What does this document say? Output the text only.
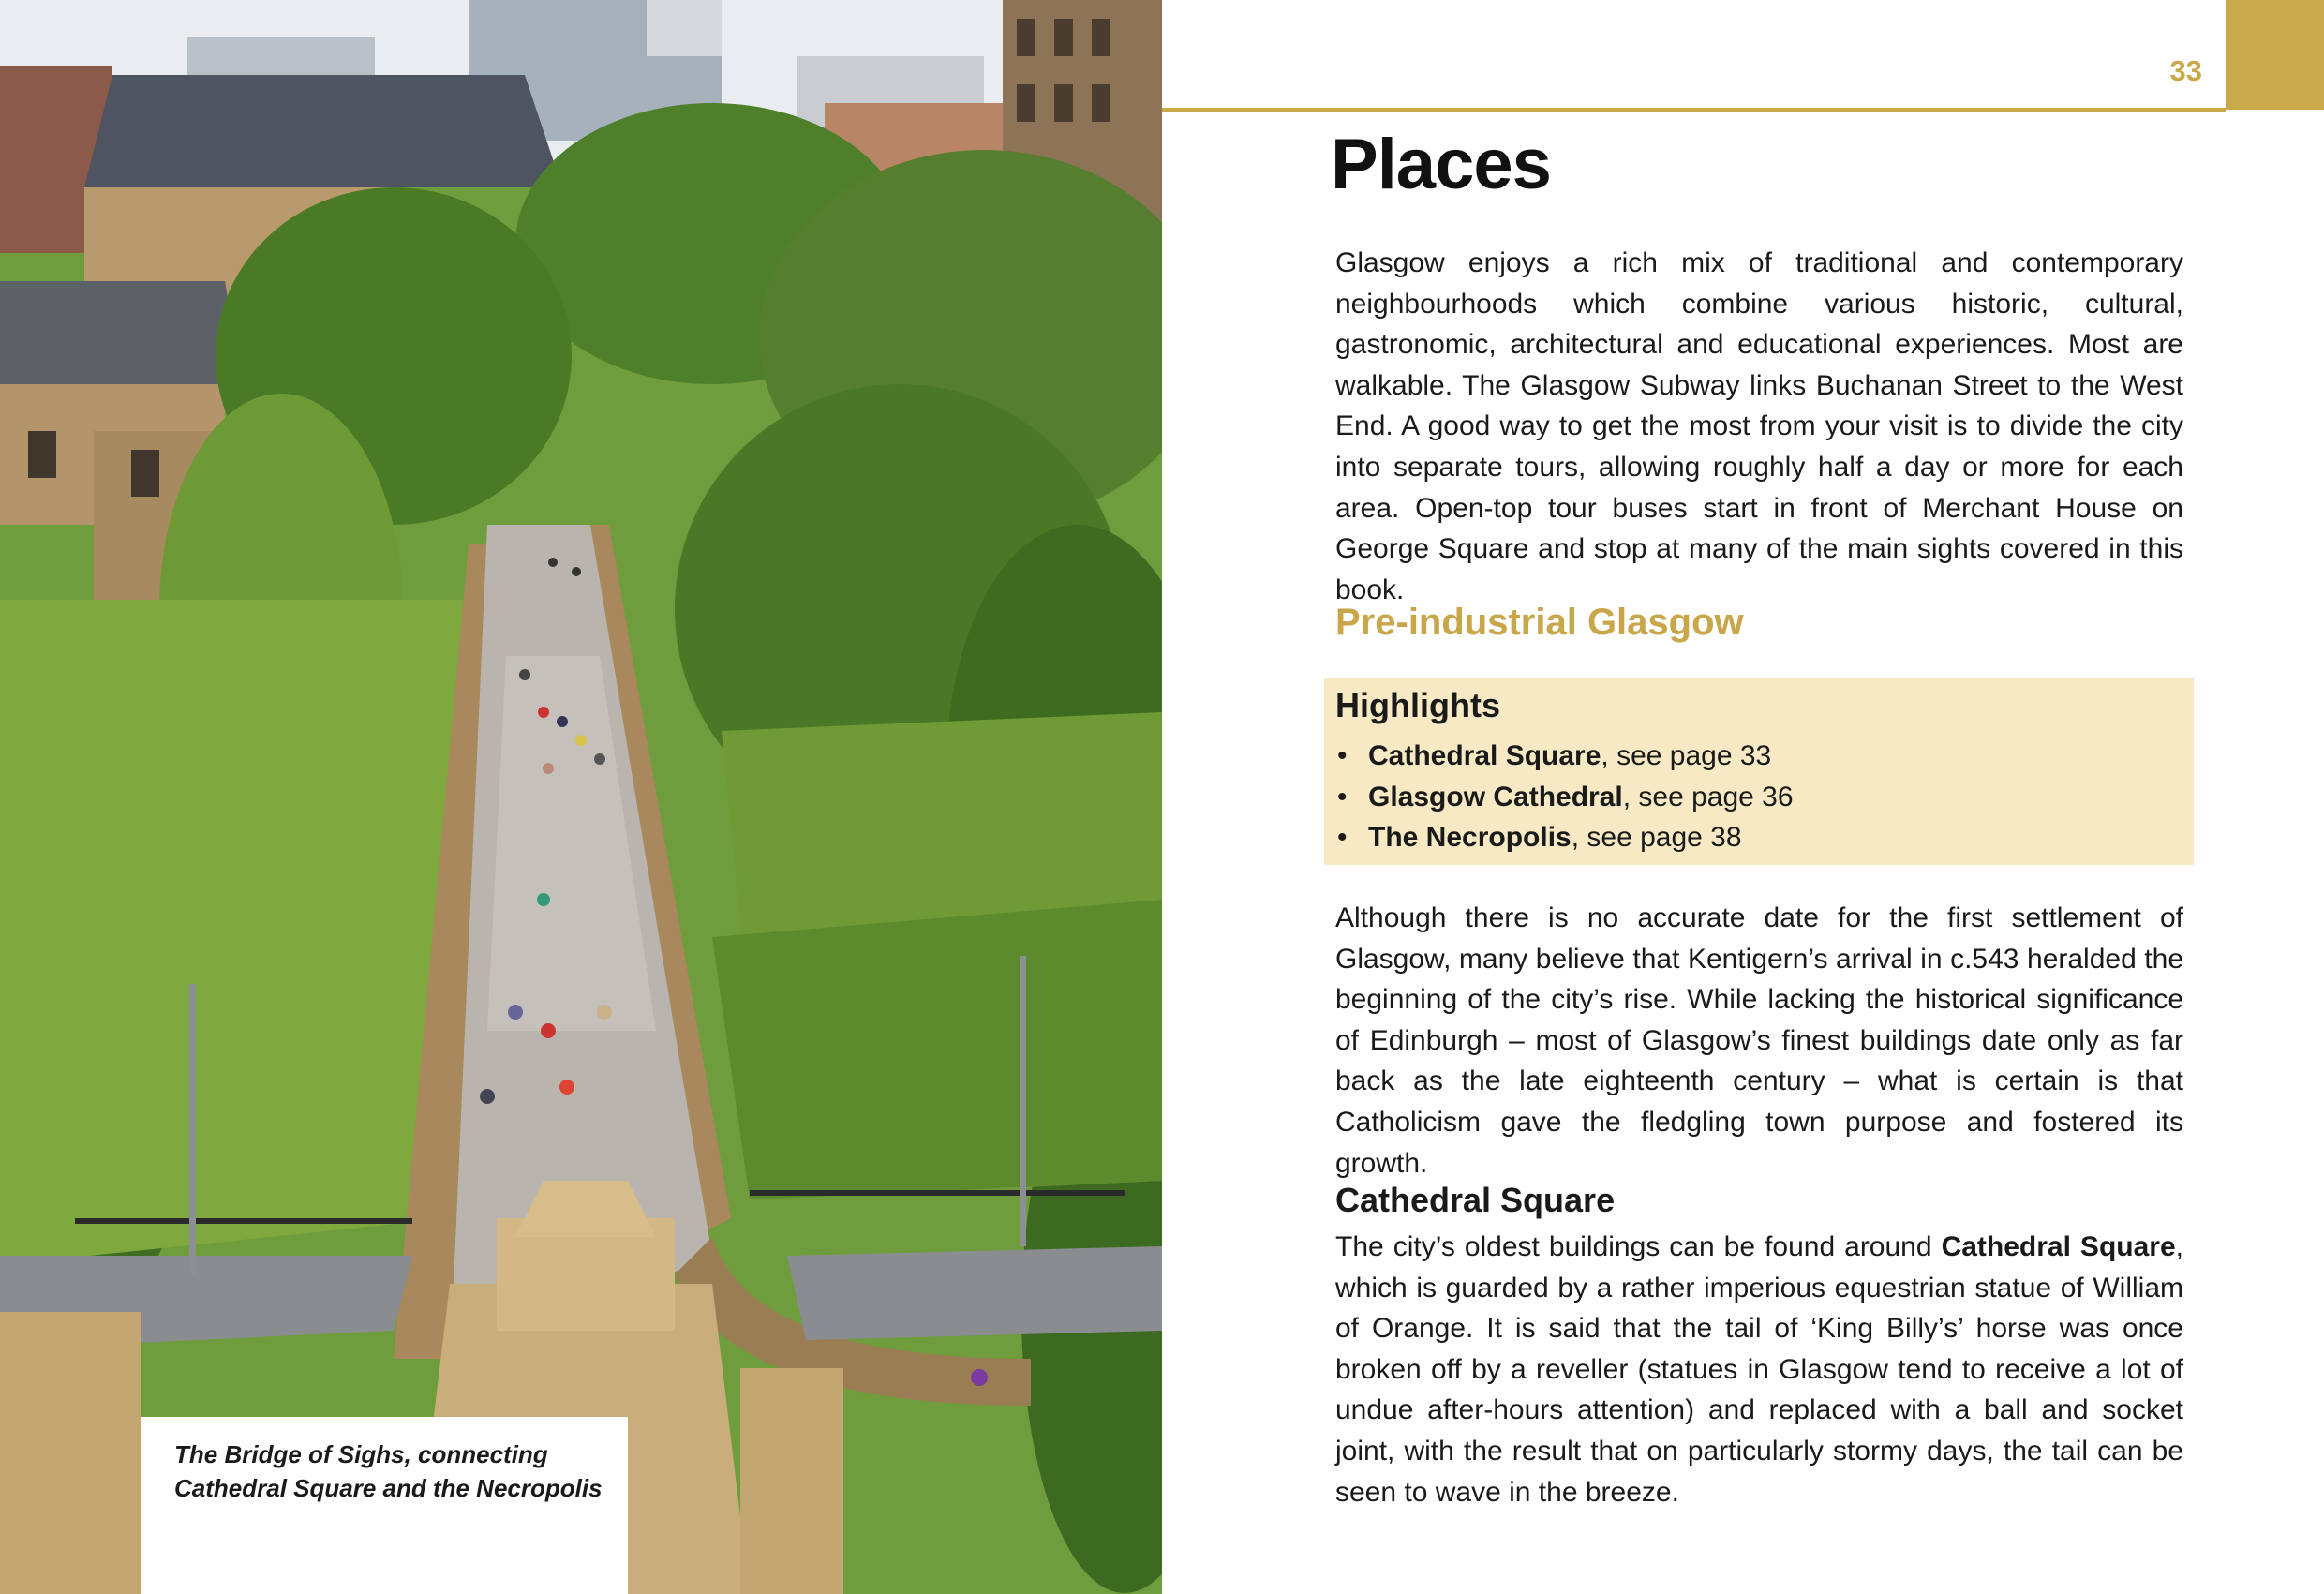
The Bridge of Sighs, connecting
Cathedral Square and the Necropolis
33
Places

Glasgow enjoys a rich mix of traditional and contemporary neighbourhoods which combine various historic, cultural, gastronomic, architectural and educational experiences. Most are walkable. The Glasgow Subway links Buchanan Street to the West End. A good way to get the most from your visit is to divide the city into separate tours, allowing roughly half a day or more for each area. Open-top tour buses start in front of Merchant House on George Square and stop at many of the main sights covered in this book.

Pre-industrial Glasgow
Highlights
• Cathedral Square, see page 33
• Glasgow Cathedral, see page 36
• The Necropolis, see page 38

Although there is no accurate date for the first settlement of Glasgow, many believe that Kentigern’s arrival in c.543 heralded the beginning of the city’s rise. While lacking the historical significance of Edinburgh – most of Glasgow’s finest buildings date only as far back as the late eighteenth century – what is certain is that Catholicism gave the fledgling town purpose and fostered its growth.

Cathedral Square

The city’s oldest buildings can be found around Cathedral Square, which is guarded by a rather imperious equestrian statue of William of Orange. It is said that the tail of ‘King Billy’s’ horse was once broken off by a reveller (statues in Glasgow tend to receive a lot of undue after-hours attention) and replaced with a ball and socket joint, with the result that on particularly stormy days, the tail can be seen to wave in the breeze.
